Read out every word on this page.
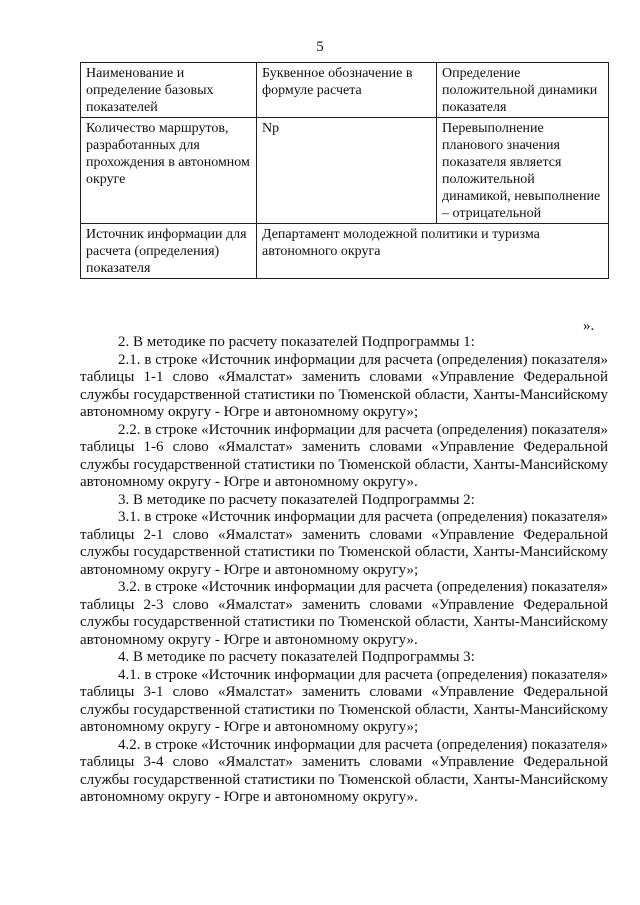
5
Наименование и определение базовых показателей	Буквенное обозначение в формуле расчета	Определение положительной динамики показателя
Количество маршрутов, разработанных для прохождения в автономном округе	Np	Перевыполнение планового значения показателя является положительной динамикой, невыполнение – отрицательной
Источник информации для расчета (определения) показателя	Департамент молодежной политики и туризма автономного округа	
».

2. В методике по расчету показателей Подпрограммы 1:

2.1. в строке «Источник информации для расчета (определения) показателя» таблицы 1-1 слово «Ямалстат» заменить словами «Управление Федеральной службы государственной статистики по Тюменской области, Ханты-Мансийскому автономному округу - Югре и автономному округу»;

2.2. в строке «Источник информации для расчета (определения) показателя» таблицы 1-6 слово «Ямалстат» заменить словами «Управление Федеральной службы государственной статистики по Тюменской области, Ханты-Мансийскому автономному округу - Югре и автономному округу».

3. В методике по расчету показателей Подпрограммы 2:

3.1. в строке «Источник информации для расчета (определения) показателя» таблицы 2-1 слово «Ямалстат» заменить словами «Управление Федеральной службы государственной статистики по Тюменской области, Ханты-Мансийскому автономному округу - Югре и автономному округу»;

3.2. в строке «Источник информации для расчета (определения) показателя» таблицы 2-3 слово «Ямалстат» заменить словами «Управление Федеральной службы государственной статистики по Тюменской области, Ханты-Мансийскому автономному округу - Югре и автономному округу».

4. В методике по расчету показателей Подпрограммы 3:

4.1. в строке «Источник информации для расчета (определения) показателя» таблицы 3-1 слово «Ямалстат» заменить словами «Управление Федеральной службы государственной статистики по Тюменской области, Ханты-Мансийскому автономному округу - Югре и автономному округу»;

4.2. в строке «Источник информации для расчета (определения) показателя» таблицы 3-4 слово «Ямалстат» заменить словами «Управление Федеральной службы государственной статистики по Тюменской области, Ханты-Мансийскому автономному округу - Югре и автономному округу».
